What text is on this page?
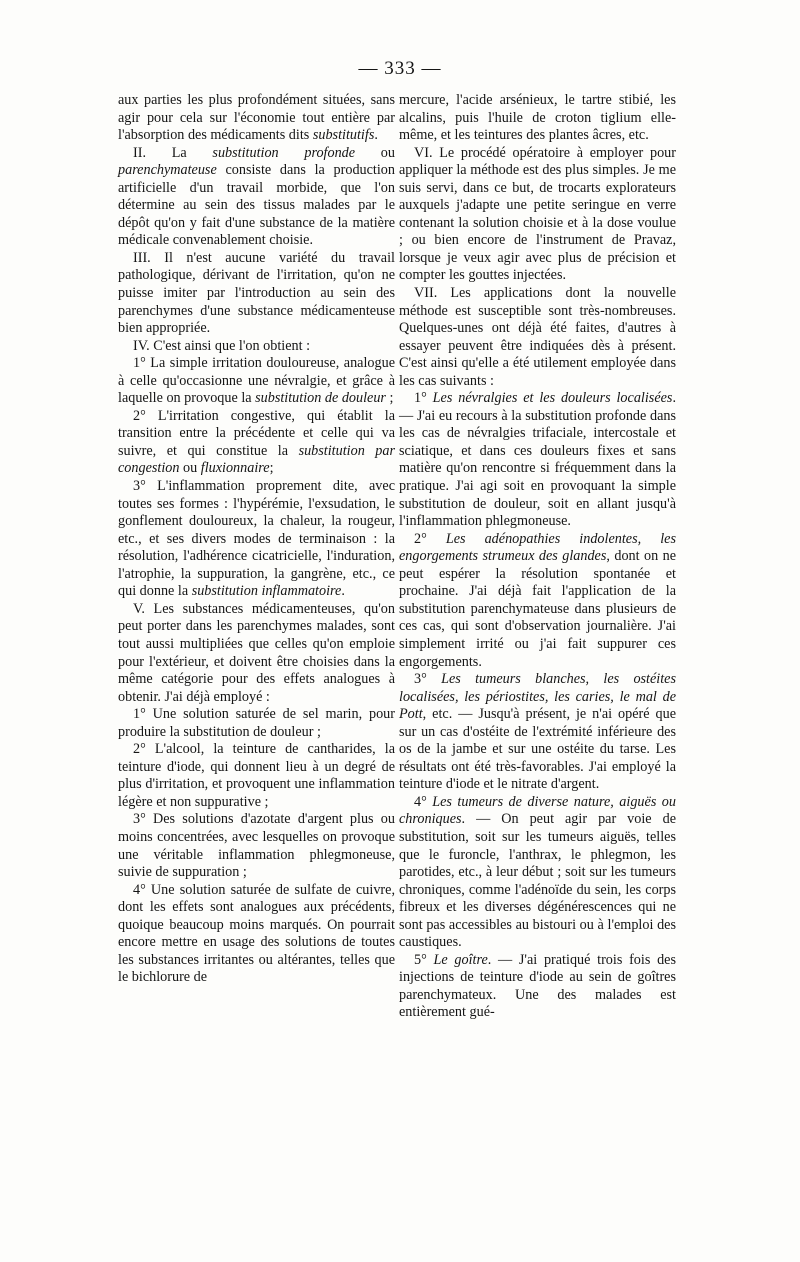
— 333 —

aux parties les plus profondément situées, sans agir pour cela sur l'économie tout entière par l'absorption des médicaments dits substitutifs.

II. La substitution profonde ou parenchymateuse consiste dans la production artificielle d'un travail morbide, que l'on détermine au sein des tissus malades par le dépôt qu'on y fait d'une substance de la matière médicale convenablement choisie.

III. Il n'est aucune variété du travail pathologique, dérivant de l'irritation, qu'on ne puisse imiter par l'introduction au sein des parenchymes d'une substance médicamenteuse bien appropriée.

IV. C'est ainsi que l'on obtient :

1° La simple irritation douloureuse, analogue à celle qu'occasionne une névralgie, et grâce à laquelle on provoque la substitution de douleur ;

2° L'irritation congestive, qui établit la transition entre la précédente et celle qui va suivre, et qui constitue la substitution par congestion ou fluxionnaire;

3° L'inflammation proprement dite, avec toutes ses formes : l'hypérémie, l'exsudation, le gonflement douloureux, la chaleur, la rougeur, etc., et ses divers modes de terminaison : la résolution, l'adhérence cicatricielle, l'induration, l'atrophie, la suppuration, la gangrène, etc., ce qui donne la substitution inflammatoire.

V. Les substances médicamenteuses, qu'on peut porter dans les parenchymes malades, sont tout aussi multipliées que celles qu'on emploie pour l'extérieur, et doivent être choisies dans la même catégorie pour des effets analogues à obtenir. J'ai déjà employé :

1° Une solution saturée de sel marin, pour produire la substitution de douleur ;

2° L'alcool, la teinture de cantharides, la teinture d'iode, qui donnent lieu à un degré de plus d'irritation, et provoquent une inflammation légère et non suppurative ;

3° Des solutions d'azotate d'argent plus ou moins concentrées, avec lesquelles on provoque une véritable inflammation phlegmoneuse, suivie de suppuration ;

4° Une solution saturée de sulfate de cuivre, dont les effets sont analogues aux précédents, quoique beaucoup moins marqués. On pourrait encore mettre en usage des solutions de toutes les substances irritantes ou altérantes, telles que le bichlorure de

mercure, l'acide arsénieux, le tartre stibié, les alcalins, puis l'huile de croton tiglium elle-même, et les teintures des plantes âcres, etc.

VI. Le procédé opératoire à employer pour appliquer la méthode est des plus simples. Je me suis servi, dans ce but, de trocarts explorateurs auxquels j'adapte une petite seringue en verre contenant la solution choisie et à la dose voulue ; ou bien encore de l'instrument de Pravaz, lorsque je veux agir avec plus de précision et compter les gouttes injectées.

VII. Les applications dont la nouvelle méthode est susceptible sont très-nombreuses. Quelques-unes ont déjà été faites, d'autres à essayer peuvent être indiquées dès à présent. C'est ainsi qu'elle a été utilement employée dans les cas suivants :

1° Les névralgies et les douleurs localisées. — J'ai eu recours à la substitution profonde dans les cas de névralgies trifaciale, intercostale et sciatique, et dans ces douleurs fixes et sans matière qu'on rencontre si fréquemment dans la pratique. J'ai agi soit en provoquant la simple substitution de douleur, soit en allant jusqu'à l'inflammation phlegmoneuse.

2° Les adénopathies indolentes, les engorgements strumeux des glandes, dont on ne peut espérer la résolution spontanée et prochaine. J'ai déjà fait l'application de la substitution parenchymateuse dans plusieurs de ces cas, qui sont d'observation journalière. J'ai simplement irrité ou j'ai fait suppurer ces engorgements.

3° Les tumeurs blanches, les ostéites localisées, les périostites, les caries, le mal de Pott, etc. — Jusqu'à présent, je n'ai opéré que sur un cas d'ostéite de l'extrémité inférieure des os de la jambe et sur une ostéite du tarse. Les résultats ont été très-favorables. J'ai employé la teinture d'iode et le nitrate d'argent.

4° Les tumeurs de diverse nature, aiguës ou chroniques. — On peut agir par voie de substitution, soit sur les tumeurs aiguës, telles que le furoncle, l'anthrax, le phlegmon, les parotides, etc., à leur début ; soit sur les tumeurs chroniques, comme l'adénoïde du sein, les corps fibreux et les diverses dégénérescences qui ne sont pas accessibles au bistouri ou à l'emploi des caustiques.

5° Le goître. — J'ai pratiqué trois fois des injections de teinture d'iode au sein de goîtres parenchymateux. Une des malades est entièrement gué-
